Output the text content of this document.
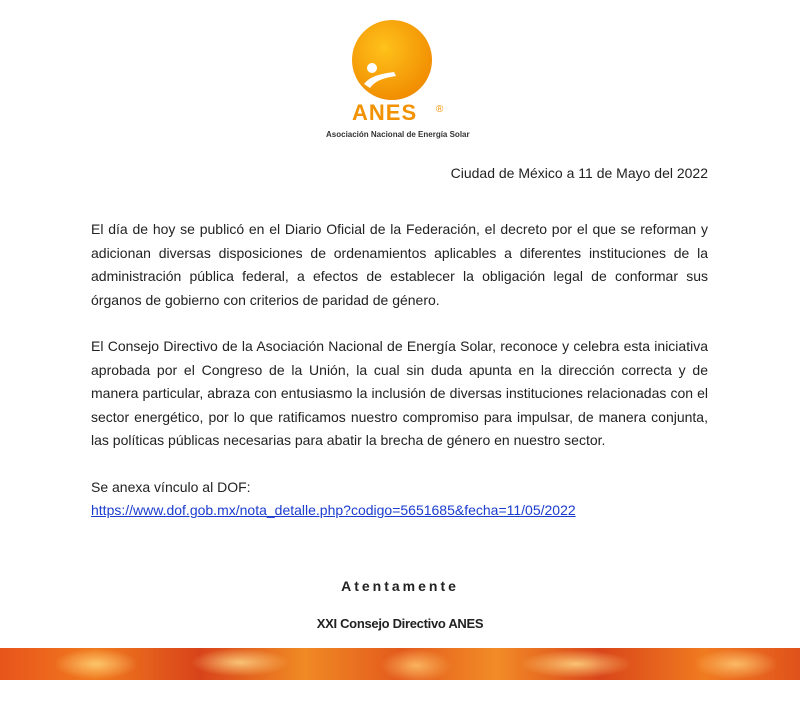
ANES ®
Asociación Nacional de Energía Solar
Ciudad de México a 11 de Mayo del 2022

El día de hoy se publicó en el Diario Oficial de la Federación, el decreto por el que se reforman y adicionan diversas disposiciones de ordenamientos aplicables a diferentes instituciones de la administración pública federal, a efectos de establecer la obligación legal de conformar sus órganos de gobierno con criterios de paridad de género.

El Consejo Directivo de la Asociación Nacional de Energía Solar, reconoce y celebra esta iniciativa aprobada por el Congreso de la Unión, la cual sin duda apunta en la dirección correcta y de manera particular, abraza con entusiasmo la inclusión de diversas instituciones relacionadas con el sector energético, por lo que ratificamos nuestro compromiso para impulsar, de manera conjunta, las políticas públicas necesarias para abatir la brecha de género en nuestro sector.

Se anexa vínculo al DOF:
https://www.dof.gob.mx/nota_detalle.php?codigo=5651685&fecha=11/05/2022
Atentamente
XXI Consejo Directivo ANES
